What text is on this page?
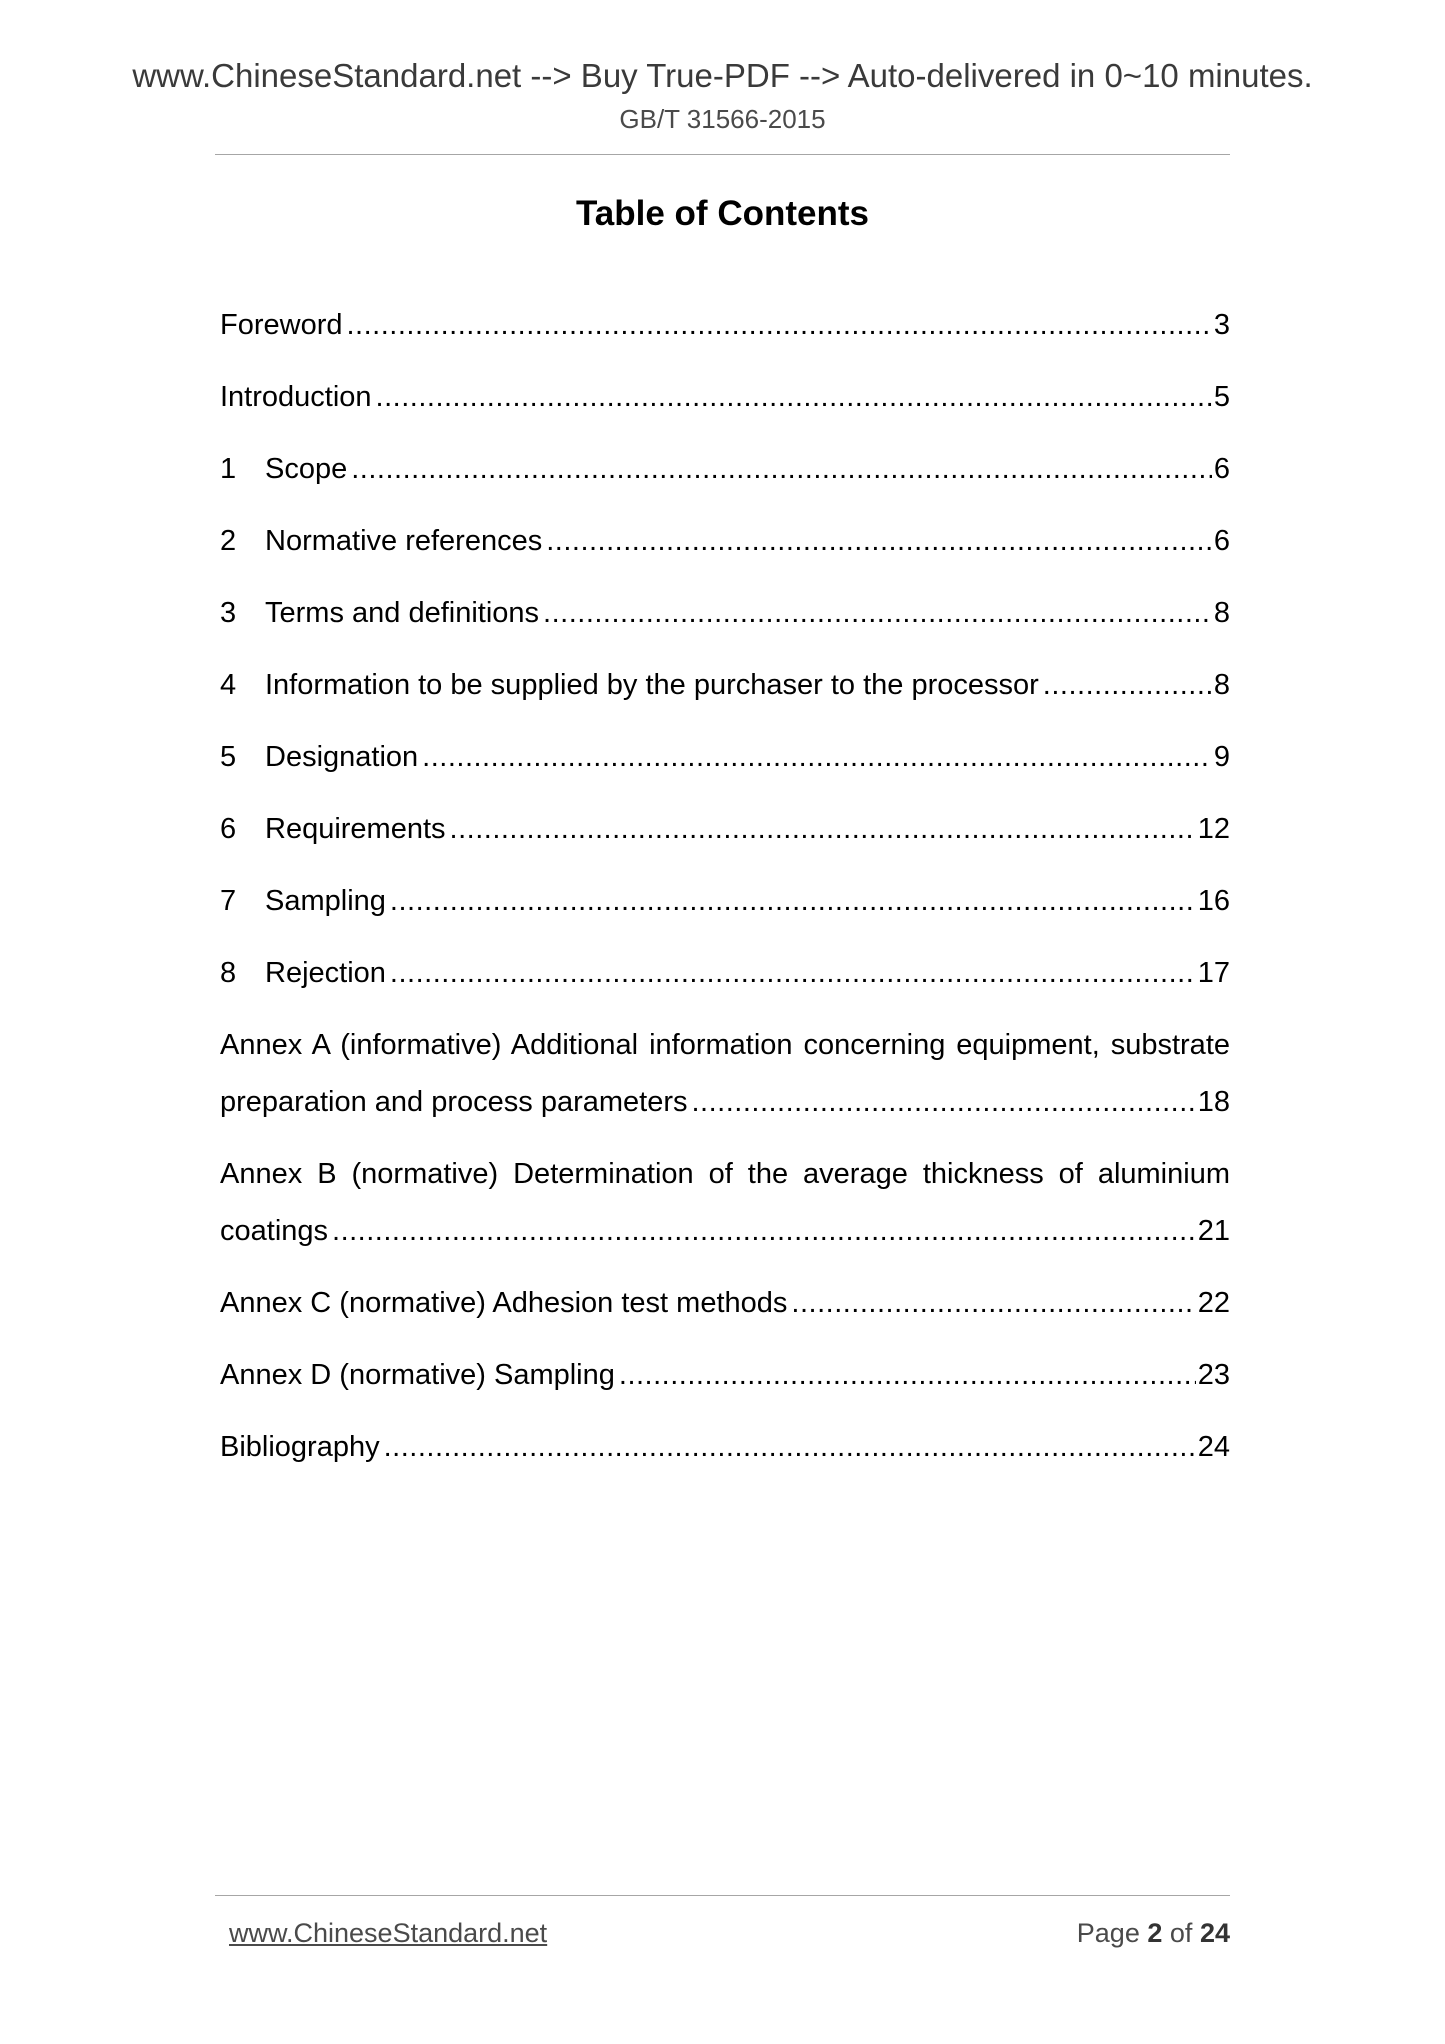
www.ChineseStandard.net --> Buy True-PDF --> Auto-delivered in 0~10 minutes.
GB/T 31566-2015
Table of Contents
Foreword .....	3
Introduction .....	5
1 Scope .....	6
2 Normative references .....	6
3 Terms and definitions .....	8
4 Information to be supplied by the purchaser to the processor .....	8
5 Designation .....	9
6 Requirements .....	12
7 Sampling .....	16
8 Rejection .....	17
Annex A (informative) Additional information concerning equipment, substrate
preparation and process parameters .....	18
Annex B (normative) Determination of the average thickness of aluminium
coatings .....	21
Annex C (normative) Adhesion test methods .....	22
Annex D (normative) Sampling .....	23
Bibliography .....	24
www.ChineseStandard.net	Page 2 of 24
